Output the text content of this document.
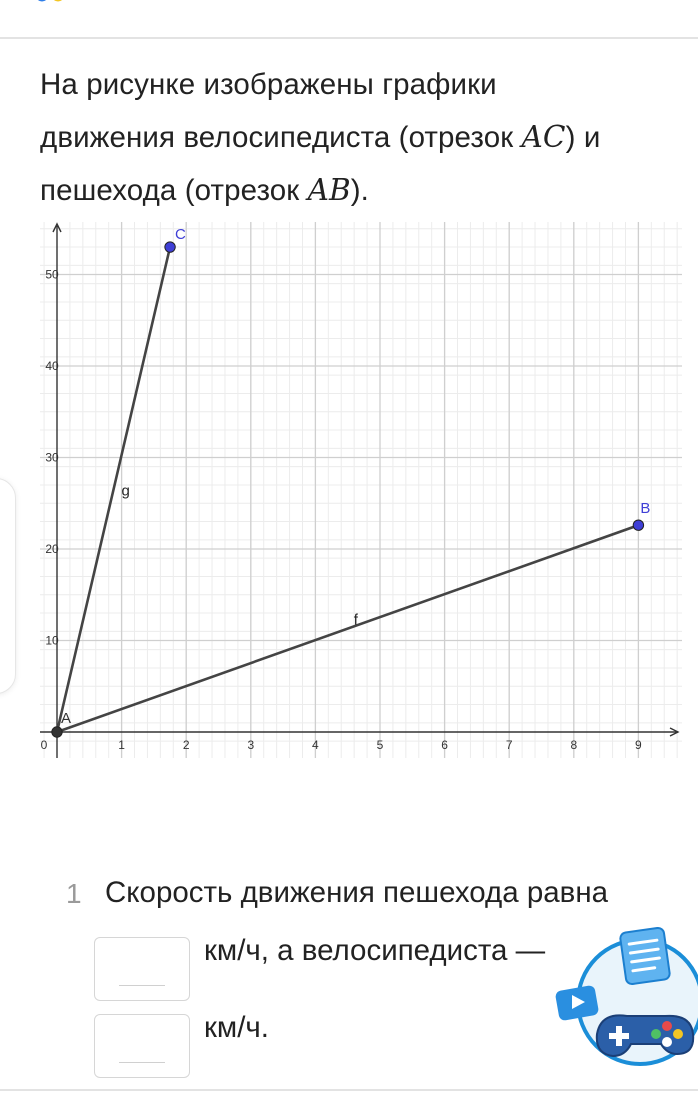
На рисунке изображены графики
движения велосипедиста (отрезок AC) и
пешехода (отрезок AB).
0	1	2	3	4	5	6	7	8	9
10
20
30
40
50
g
f
A
C
B
1 Скорость движения пешехода равна
км/ч, а велосипедиста —
км/ч.
